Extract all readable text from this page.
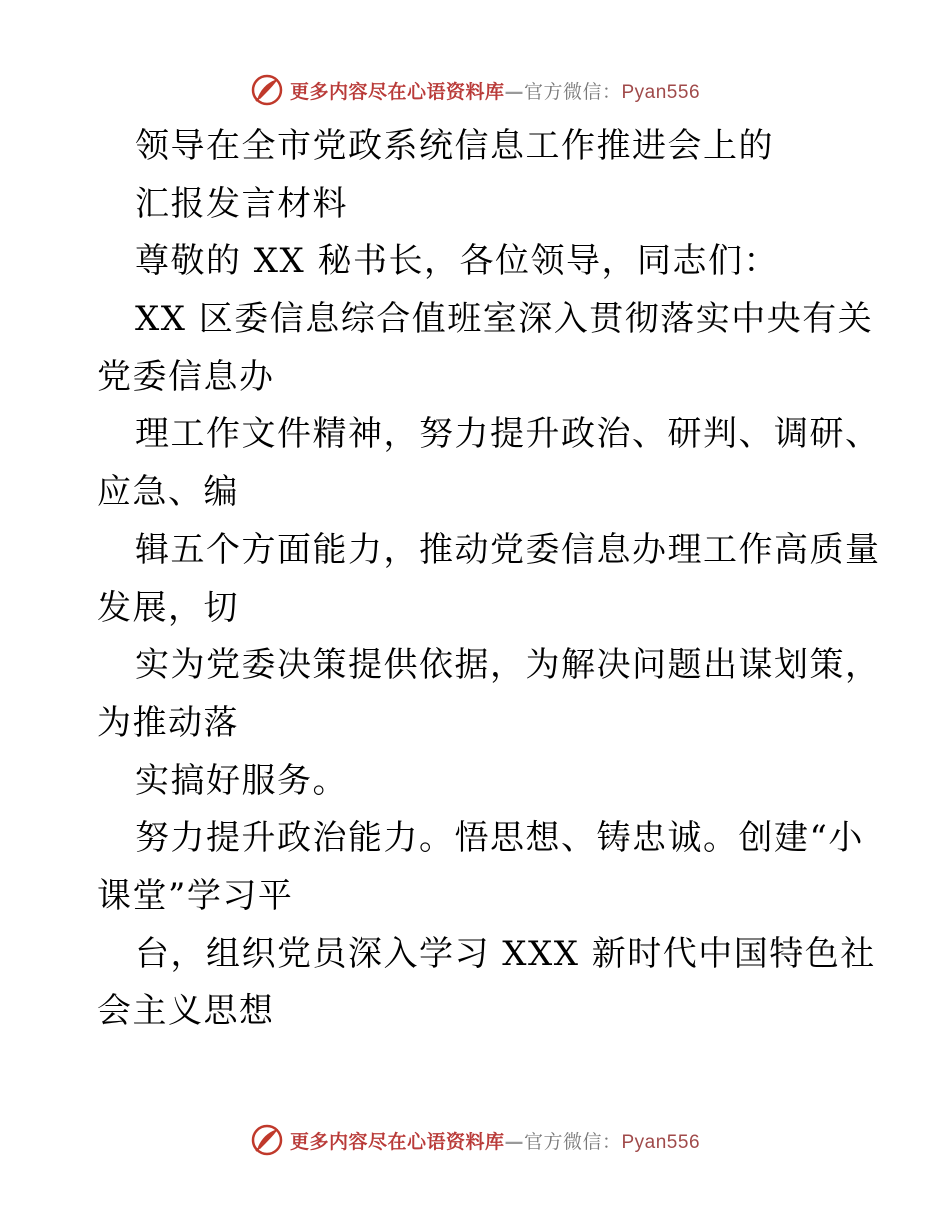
更多内容尽在心语资料库—官方微信：Pyan556
领导在全市党政系统信息工作推进会上的
汇报发言材料
尊敬的 XX 秘书长，各位领导，同志们：
XX 区委信息综合值班室深入贯彻落实中央有关
党委信息办
理工作文件精神，努力提升政治、研判、调研、
应急、编
辑五个方面能力，推动党委信息办理工作高质量
发展，切
实为党委决策提供依据，为解决问题出谋划策，
为推动落
实搞好服务。
努力提升政治能力。悟思想、铸忠诚。创建“小
课堂”学习平
台，组织党员深入学习 XXX 新时代中国特色社
会主义思想
更多内容尽在心语资料库—官方微信：Pyan556
